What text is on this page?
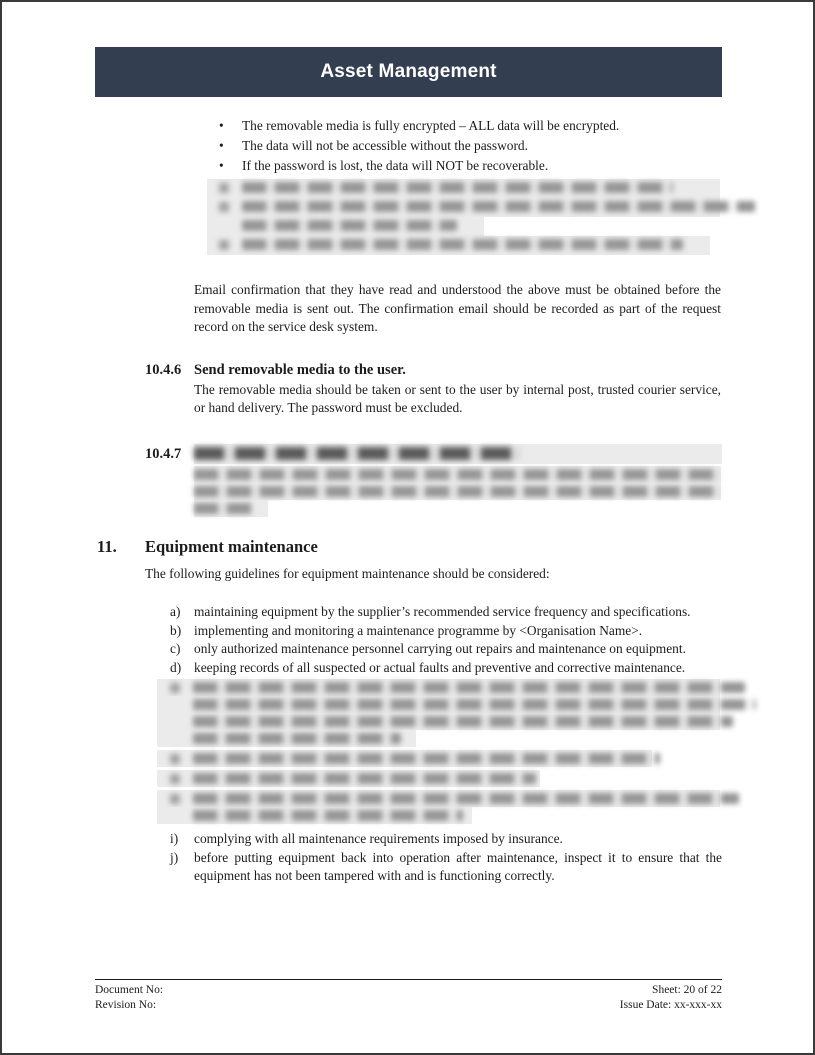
Asset Management
•	The removable media is fully encrypted – ALL data will be encrypted.
•	The data will not be accessible without the password.
•	If the password is lost, the data will NOT be recoverable.

Email confirmation that they have read and understood the above must be obtained before the removable media is sent out. The confirmation email should be recorded as part of the request record on the service desk system.

10.4.6 Send removable media to the user.

The removable media should be taken or sent to the user by internal post, trusted courier service, or hand delivery. The password must be excluded.

10.4.7
11.	Equipment maintenance

The following guidelines for equipment maintenance should be considered:

a)	maintaining equipment by the supplier’s recommended service frequency and specifications.
b) implementing and monitoring a maintenance programme by <Organisation Name>.
c)	only authorized maintenance personnel carrying out repairs and maintenance on equipment.
d) keeping records of all suspected or actual faults and preventive and corrective maintenance.
i)	complying with all maintenance requirements imposed by insurance.
j)	before putting equipment back into operation after maintenance, inspect it to ensure that the equipment has not been tampered with and is functioning correctly.
Document No:
Revision No:
Sheet: 20 of 22
Issue Date: xx-xxx-xx
